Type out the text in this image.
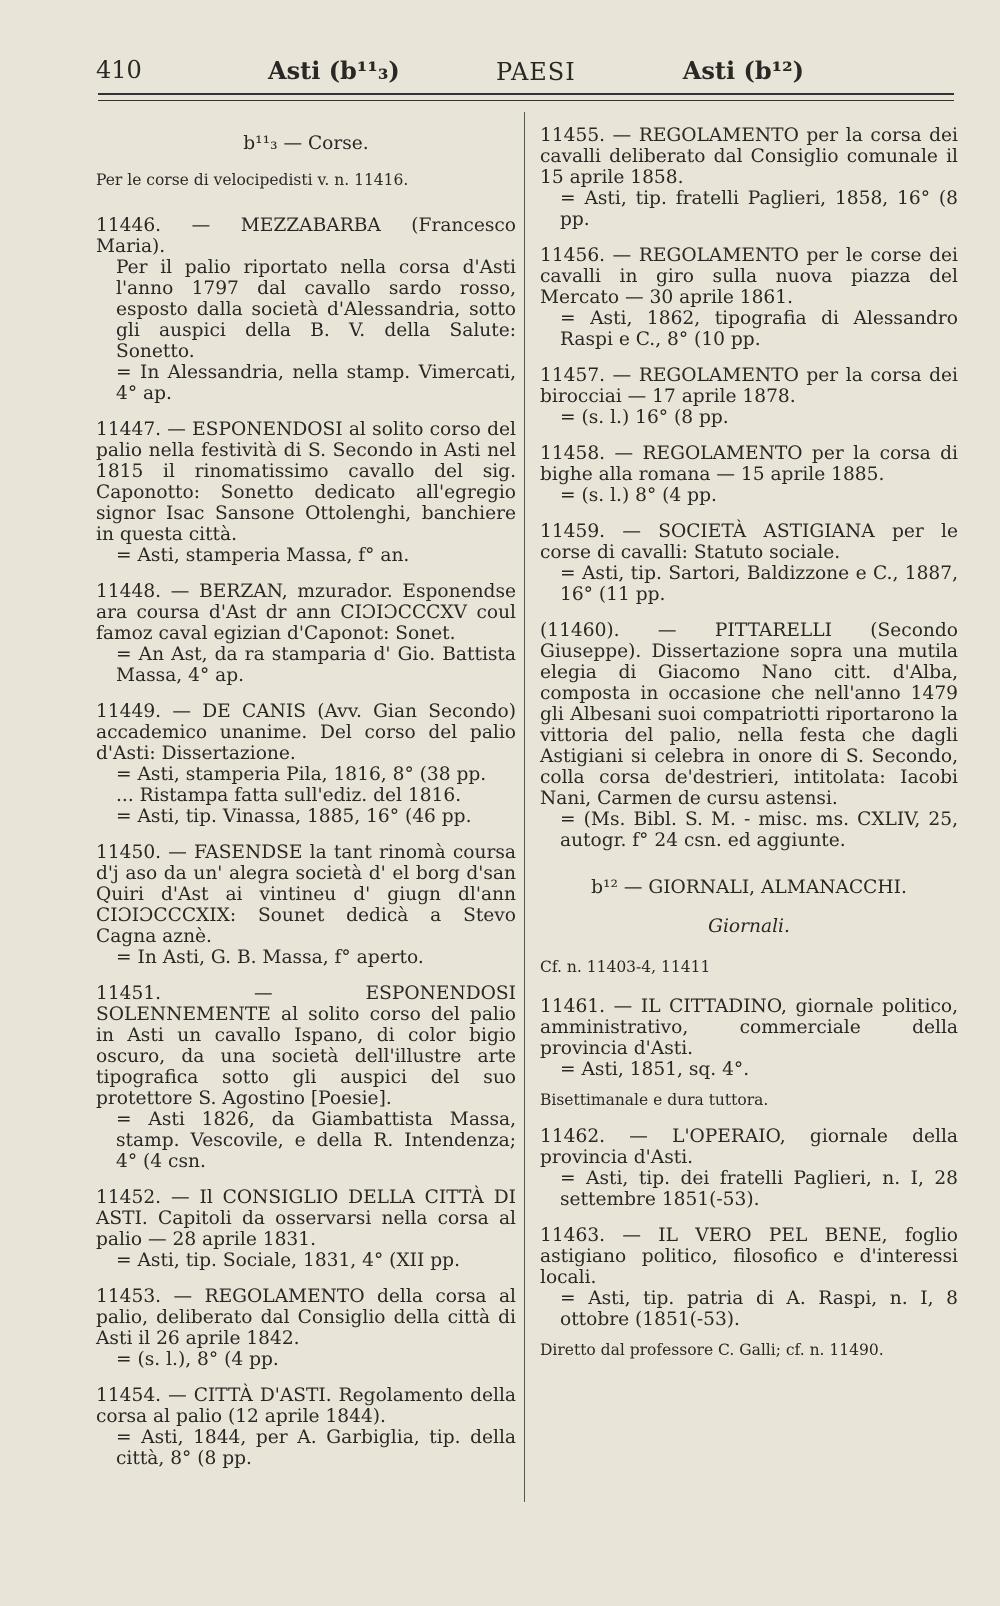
410	Asti (b¹¹₃)	PAESI	Asti (b¹²)
b¹¹₃ — Corse.
Per le corse di velocipedisti v. n. 11416.
11446. — MEZZABARBA (Francesco Maria).
Per il palio riportato nella corsa d'Asti l'anno 1797 dal cavallo sardo rosso, esposto dalla società d'Alessandria, sotto gli auspici della B. V. della Salute: Sonetto.
= In Alessandria, nella stamp. Vimercati, 4° ap.
11447. — ESPONENDOSI al solito corso del palio nella festività di S. Secondo in Asti nel 1815 il rinomatissimo cavallo del sig. Caponotto: Sonetto dedicato all'egregio signor Isac Sansone Ottolenghi, banchiere in questa città.
= Asti, stamperia Massa, f° an.
11448. — BERZAN, mzurador. Esponendse ara coursa d'Ast dr ann CIƆIƆCCCXV coul famoz caval egizian d'Caponot: Sonet.
= An Ast, da ra stamparia d' Gio. Battista Massa, 4° ap.
11449. — DE CANIS (Avv. Gian Secondo) accademico unanime. Del corso del palio d'Asti: Dissertazione.
= Asti, stamperia Pila, 1816, 8° (38 pp.
... Ristampa fatta sull'ediz. del 1816.
= Asti, tip. Vinassa, 1885, 16° (46 pp.
11450. — FASENDSE la tant rinomà coursa d'j aso da un' alegra società d' el borg d'san Quiri d'Ast ai vintineu d' giugn dl'ann CIƆIƆCCCXIX: Sounet dedicà a Stevo Cagna aznè.
= In Asti, G. B. Massa, f° aperto.
11451. —	ESPONENDOSI SOLENNEMENTE al solito corso del palio in Asti un cavallo Ispano, di color bigio oscuro, da una società dell'illustre arte tipografica sotto gli auspici del suo protettore S. Agostino [Poesie].
= Asti 1826, da Giambattista Massa, stamp. Vescovile, e della R. Intendenza; 4° (4 csn.
11452. — Il CONSIGLIO DELLA CITTÀ DI ASTI. Capitoli da osservarsi nella corsa al palio — 28 aprile 1831.
= Asti, tip. Sociale, 1831, 4° (XII pp.
11453. — REGOLAMENTO della corsa al palio, deliberato dal Consiglio della città di Asti il 26 aprile 1842.
= (s. l.), 8° (4 pp.
11454. — CITTÀ D'ASTI. Regolamento della corsa al palio (12 aprile 1844).
= Asti, 1844, per A. Garbiglia, tip. della città, 8° (8 pp.
11455. — REGOLAMENTO per la corsa dei cavalli deliberato dal Consiglio comunale il 15 aprile 1858.
= Asti, tip. fratelli Paglieri, 1858, 16° (8 pp.
11456. — REGOLAMENTO per le corse dei cavalli in giro sulla nuova piazza del Mercato — 30 aprile 1861.
= Asti, 1862, tipografia di Alessandro Raspi e C., 8° (10 pp.
11457. — REGOLAMENTO per la corsa dei birocciai — 17 aprile 1878.
= (s. l.) 16° (8 pp.
11458. — REGOLAMENTO per la corsa di bighe alla romana — 15 aprile 1885.
= (s. l.) 8° (4 pp.
11459. — SOCIETÀ ASTIGIANA per le corse di cavalli: Statuto sociale.
= Asti, tip. Sartori, Baldizzone e C., 1887, 16° (11 pp.
(11460). — PITTARELLI (Secondo Giuseppe). Dissertazione sopra una mutila elegia di Giacomo Nano citt. d'Alba, composta in occasione che nell'anno 1479 gli Albesani suoi compatriotti riportarono la vittoria del palio, nella festa che dagli Astigiani si celebra in onore di S. Secondo, colla corsa de'destrieri, intitolata: Iacobi Nani, Carmen de cursu astensi.
= (Ms. Bibl. S. M. - misc. ms. CXLIV, 25, autogr. f° 24 csn. ed aggiunte.
b¹² — GIORNALI, ALMANACCHI.
Giornali.
Cf. n. 11403-4, 11411
11461. — IL CITTADINO, giornale politico, amministrativo, commerciale della provincia d'Asti.
= Asti, 1851, sq. 4°.
Bisettimanale e dura tuttora.
11462. — L'OPERAIO, giornale della provincia d'Asti.
= Asti, tip. dei fratelli Paglieri, n. I, 28 settembre 1851(-53).
11463. — IL VERO PEL BENE, foglio astigiano politico, filosofico e d'interessi locali.
= Asti, tip. patria di A. Raspi, n. I, 8 ottobre (1851(-53).
Diretto dal professore C. Galli; cf. n. 11490.
